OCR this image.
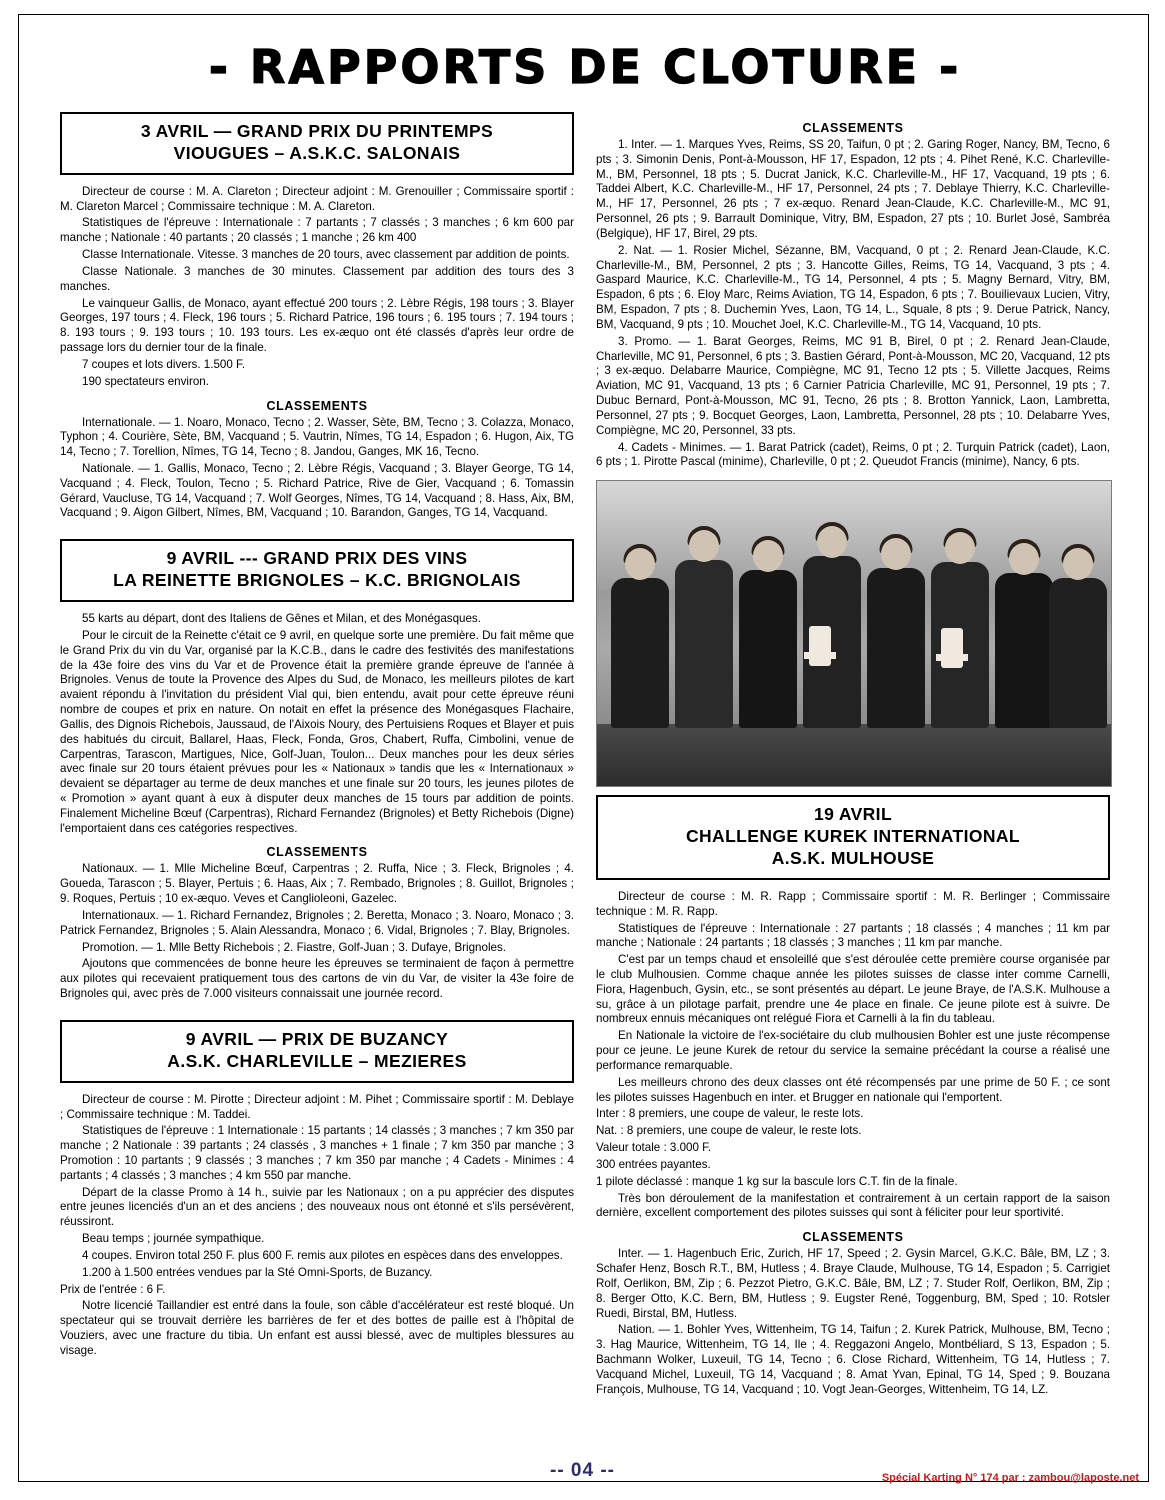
- RAPPORTS DE CLOTURE -
3 AVRIL — GRAND PRIX DU PRINTEMPS
VIOUGUES – A.S.K.C. SALONAIS

Directeur de course : M. A. Clareton ; Directeur adjoint : M. Grenouiller ; Commissaire sportif : M. Clareton Marcel ; Commissaire technique : M. A. Clareton.

Statistiques de l'épreuve : Internationale : 7 partants ; 7 classés ; 3 manches ; 6 km 600 par manche ; Nationale : 40 partants ; 20 classés ; 1 manche ; 26 km 400

Classe Internationale. Vitesse. 3 manches de 20 tours, avec classement par addition de points.

Classe Nationale. 3 manches de 30 minutes. Classement par addition des tours des 3 manches.

Le vainqueur Gallis, de Monaco, ayant effectué 200 tours ; 2. Lèbre Régis, 198 tours ; 3. Blayer Georges, 197 tours ; 4. Fleck, 196 tours ; 5. Richard Patrice, 196 tours ; 6. 195 tours ; 7. 194 tours ; 8. 193 tours ; 9. 193 tours ; 10. 193 tours. Les ex-æquo ont été classés d'après leur ordre de passage lors du dernier tour de la finale.

7 coupes et lots divers. 1.500 F.

190 spectateurs environ.

CLASSEMENTS

Internationale. — 1. Noaro, Monaco, Tecno ; 2. Wasser, Sète, BM, Tecno ; 3. Colazza, Monaco, Typhon ; 4. Courière, Sète, BM, Vacquand ; 5. Vautrin, Nîmes, TG 14, Espadon ; 6. Hugon, Aix, TG 14, Tecno ; 7. Torellion, Nîmes, TG 14, Tecno ; 8. Jandou, Ganges, MK 16, Tecno.

Nationale. — 1. Gallis, Monaco, Tecno ; 2. Lèbre Régis, Vacquand ; 3. Blayer George, TG 14, Vacquand ; 4. Fleck, Toulon, Tecno ; 5. Richard Patrice, Rive de Gier, Vacquand ; 6. Tomassin Gérard, Vaucluse, TG 14, Vacquand ; 7. Wolf Georges, Nîmes, TG 14, Vacquand ; 8. Hass, Aix, BM, Vacquand ; 9. Aigon Gilbert, Nîmes, BM, Vacquand ; 10. Barandon, Ganges, TG 14, Vacquand.

9 AVRIL --- GRAND PRIX DES VINS
LA REINETTE BRIGNOLES – K.C. BRIGNOLAIS

55 karts au départ, dont des Italiens de Gênes et Milan, et des Monégasques.

Pour le circuit de la Reinette c'était ce 9 avril, en quelque sorte une première. Du fait même que le Grand Prix du vin du Var, organisé par la K.C.B., dans le cadre des festivités des manifestations de la 43e foire des vins du Var et de Provence était la première grande épreuve de l'année à Brignoles. Venus de toute la Provence des Alpes du Sud, de Monaco, les meilleurs pilotes de kart avaient répondu à l'invitation du président Vial qui, bien entendu, avait pour cette épreuve réuni nombre de coupes et prix en nature. On notait en effet la présence des Monégasques Flachaire, Gallis, des Dignois Richebois, Jaussaud, de l'Aixois Noury, des Pertuisiens Roques et Blayer et puis des habitués du circuit, Ballarel, Haas, Fleck, Fonda, Gros, Chabert, Ruffa, Cimbolini, venue de Carpentras, Tarascon, Martigues, Nice, Golf-Juan, Toulon... Deux manches pour les deux séries avec finale sur 20 tours étaient prévues pour les « Nationaux » tandis que les « Internationaux » devaient se départager au terme de deux manches et une finale sur 20 tours, les jeunes pilotes de « Promotion » ayant quant à eux à disputer deux manches de 15 tours par addition de points. Finalement Micheline Bœuf (Carpentras), Richard Fernandez (Brignoles) et Betty Richebois (Digne) l'emportaient dans ces catégories respectives.

CLASSEMENTS

Nationaux. — 1. Mlle Micheline Bœuf, Carpentras ; 2. Ruffa, Nice ; 3. Fleck, Brignoles ; 4. Goueda, Tarascon ; 5. Blayer, Pertuis ; 6. Haas, Aix ; 7. Rembado, Brignoles ; 8. Guillot, Brignoles ; 9. Roques, Pertuis ; 10 ex-æquo. Veves et Canglioleoni, Gazelec.

Internationaux. — 1. Richard Fernandez, Brignoles ; 2. Beretta, Monaco ; 3. Noaro, Monaco ; 3. Patrick Fernandez, Brignoles ; 5. Alain Alessandra, Monaco ; 6. Vidal, Brignoles ; 7. Blay, Brignoles.

Promotion. — 1. Mlle Betty Richebois ; 2. Fiastre, Golf-Juan ; 3. Dufaye, Brignoles.

Ajoutons que commencées de bonne heure les épreuves se terminaient de façon à permettre aux pilotes qui recevaient pratiquement tous des cartons de vin du Var, de visiter la 43e foire de Brignoles qui, avec près de 7.000 visiteurs connaissait une journée record.

9 AVRIL — PRIX DE BUZANCY
A.S.K. CHARLEVILLE – MEZIERES

Directeur de course : M. Pirotte ; Directeur adjoint : M. Pihet ; Commissaire sportif : M. Deblaye ; Commissaire technique : M. Taddei.

Statistiques de l'épreuve : 1 Internationale : 15 partants ; 14 classés ; 3 manches ; 7 km 350 par manche ; 2 Nationale : 39 partants ; 24 classés , 3 manches + 1 finale ; 7 km 350 par manche ; 3 Promotion : 10 partants ; 9 classés ; 3 manches ; 7 km 350 par manche ; 4 Cadets - Minimes : 4 partants ; 4 classés ; 3 manches ; 4 km 550 par manche.

Départ de la classe Promo à 14 h., suivie par les Nationaux ; on a pu apprécier des disputes entre jeunes licenciés d'un an et des anciens ; des nouveaux nous ont étonné et s'ils persévèrent, réussiront.

Beau temps ; journée sympathique.

4 coupes. Environ total 250 F. plus 600 F. remis aux pilotes en espèces dans des enveloppes.

1.200 à 1.500 entrées vendues par la Sté Omni-Sports, de Buzancy.

Prix de l'entrée : 6 F.

Notre licencié Taillandier est entré dans la foule, son câble d'accélérateur est resté bloqué. Un spectateur qui se trouvait derrière les barrières de fer et des bottes de paille est à l'hôpital de Vouziers, avec une fracture du tibia. Un enfant est aussi blessé, avec de multiples blessures au visage.

CLASSEMENTS

1. Inter. — 1. Marques Yves, Reims, SS 20, Taifun, 0 pt ; 2. Garing Roger, Nancy, BM, Tecno, 6 pts ; 3. Simonin Denis, Pont-à-Mousson, HF 17, Espadon, 12 pts ; 4. Pihet René, K.C. Charleville-M., BM, Personnel, 18 pts ; 5. Ducrat Janick, K.C. Charleville-M., HF 17, Vacquand, 19 pts ; 6. Taddei Albert, K.C. Charleville-M., HF 17, Personnel, 24 pts ; 7. Deblaye Thierry, K.C. Charleville-M., HF 17, Personnel, 26 pts ; 7 ex-æquo. Renard Jean-Claude, K.C. Charleville-M., MC 91, Personnel, 26 pts ; 9. Barrault Dominique, Vitry, BM, Espadon, 27 pts ; 10. Burlet José, Sambréa (Belgique), HF 17, Birel, 29 pts.

2. Nat. — 1. Rosier Michel, Sézanne, BM, Vacquand, 0 pt ; 2. Renard Jean-Claude, K.C. Charleville-M., BM, Personnel, 2 pts ; 3. Hancotte Gilles, Reims, TG 14, Vacquand, 3 pts ; 4. Gaspard Maurice, K.C. Charleville-M., TG 14, Personnel, 4 pts ; 5. Magny Bernard, Vitry, BM, Espadon, 6 pts ; 6. Eloy Marc, Reims Aviation, TG 14, Espadon, 6 pts ; 7. Bouilievaux Lucien, Vitry, BM, Espadon, 7 pts ; 8. Duchemin Yves, Laon, TG 14, L., Squale, 8 pts ; 9. Derue Patrick, Nancy, BM, Vacquand, 9 pts ; 10. Mouchet Joel, K.C. Charleville-M., TG 14, Vacquand, 10 pts.

3. Promo. — 1. Barat Georges, Reims, MC 91 B, Birel, 0 pt ; 2. Renard Jean-Claude, Charleville, MC 91, Personnel, 6 pts ; 3. Bastien Gérard, Pont-à-Mousson, MC 20, Vacquand, 12 pts ; 3 ex-æquo. Delabarre Maurice, Compiègne, MC 91, Tecno 12 pts ; 5. Villette Jacques, Reims Aviation, MC 91, Vacquand, 13 pts ; 6 Carnier Patricia Charleville, MC 91, Personnel, 19 pts ; 7. Dubuc Bernard, Pont-à-Mousson, MC 91, Tecno, 26 pts ; 8. Brotton Yannick, Laon, Lambretta, Personnel, 27 pts ; 9. Bocquet Georges, Laon, Lambretta, Personnel, 28 pts ; 10. Delabarre Yves, Compiègne, MC 20, Personnel, 33 pts.

4. Cadets - Minimes. — 1. Barat Patrick (cadet), Reims, 0 pt ; 2. Turquin Patrick (cadet), Laon, 6 pts ; 1. Pirotte Pascal (minime), Charleville, 0 pt ; 2. Queudot Francis (minime), Nancy, 6 pts.

19 AVRIL
CHALLENGE KUREK INTERNATIONAL
A.S.K. MULHOUSE

Directeur de course : M. R. Rapp ; Commissaire sportif : M. R. Berlinger ; Commissaire technique : M. R. Rapp.

Statistiques de l'épreuve : Internationale : 27 partants ; 18 classés ; 4 manches ; 11 km par manche ; Nationale : 24 partants ; 18 classés ; 3 manches ; 11 km par manche.

C'est par un temps chaud et ensoleillé que s'est déroulée cette première course organisée par le club Mulhousien. Comme chaque année les pilotes suisses de classe inter comme Carnelli, Fiora, Hagenbuch, Gysin, etc., se sont présentés au départ. Le jeune Braye, de l'A.S.K. Mulhouse a su, grâce à un pilotage parfait, prendre une 4e place en finale. Ce jeune pilote est à suivre. De nombreux ennuis mécaniques ont relégué Fiora et Carnelli à la fin du tableau.

En Nationale la victoire de l'ex-sociétaire du club mulhousien Bohler est une juste récompense pour ce jeune. Le jeune Kurek de retour du service la semaine précédant la course a réalisé une performance remarquable.

Les meilleurs chrono des deux classes ont été récompensés par une prime de 50 F. ; ce sont les pilotes suisses Hagenbuch en inter. et Brugger en nationale qui l'emportent.

Inter : 8 premiers, une coupe de valeur, le reste lots.

Nat. : 8 premiers, une coupe de valeur, le reste lots.

Valeur totale : 3.000 F.

300 entrées payantes.

1 pilote déclassé : manque 1 kg sur la bascule lors C.T. fin de la finale.

Très bon déroulement de la manifestation et contrairement à un certain rapport de la saison dernière, excellent comportement des pilotes suisses qui sont à féliciter pour leur sportivité.

CLASSEMENTS

Inter. — 1. Hagenbuch Eric, Zurich, HF 17, Speed ; 2. Gysin Marcel, G.K.C. Bâle, BM, LZ ; 3. Schafer Henz, Bosch R.T., BM, Hutless ; 4. Braye Claude, Mulhouse, TG 14, Espadon ; 5. Carrigiet Rolf, Oerlikon, BM, Zip ; 6. Pezzot Pietro, G.K.C. Bâle, BM, LZ ; 7. Studer Rolf, Oerlikon, BM, Zip ; 8. Berger Otto, K.C. Bern, BM, Hutless ; 9. Eugster René, Toggenburg, BM, Sped ; 10. Rotsler Ruedi, Birstal, BM, Hutless.

Nation. — 1. Bohler Yves, Wittenheim, TG 14, Taifun ; 2. Kurek Patrick, Mulhouse, BM, Tecno ; 3. Hag Maurice, Wittenheim, TG 14, Ile ; 4. Reggazoni Angelo, Montbéliard, S 13, Espadon ; 5. Bachmann Wolker, Luxeuil, TG 14, Tecno ; 6. Close Richard, Wittenheim, TG 14, Hutless ; 7. Vacquand Michel, Luxeuil, TG 14, Vacquand ; 8. Amat Yvan, Epinal, TG 14, Sped ; 9. Bouzana François, Mulhouse, TG 14, Vacquand ; 10. Vogt Jean-Georges, Wittenheim, TG 14, LZ.

-- 04 --	Spécial Karting N° 174 par : zambou@laposte.net
